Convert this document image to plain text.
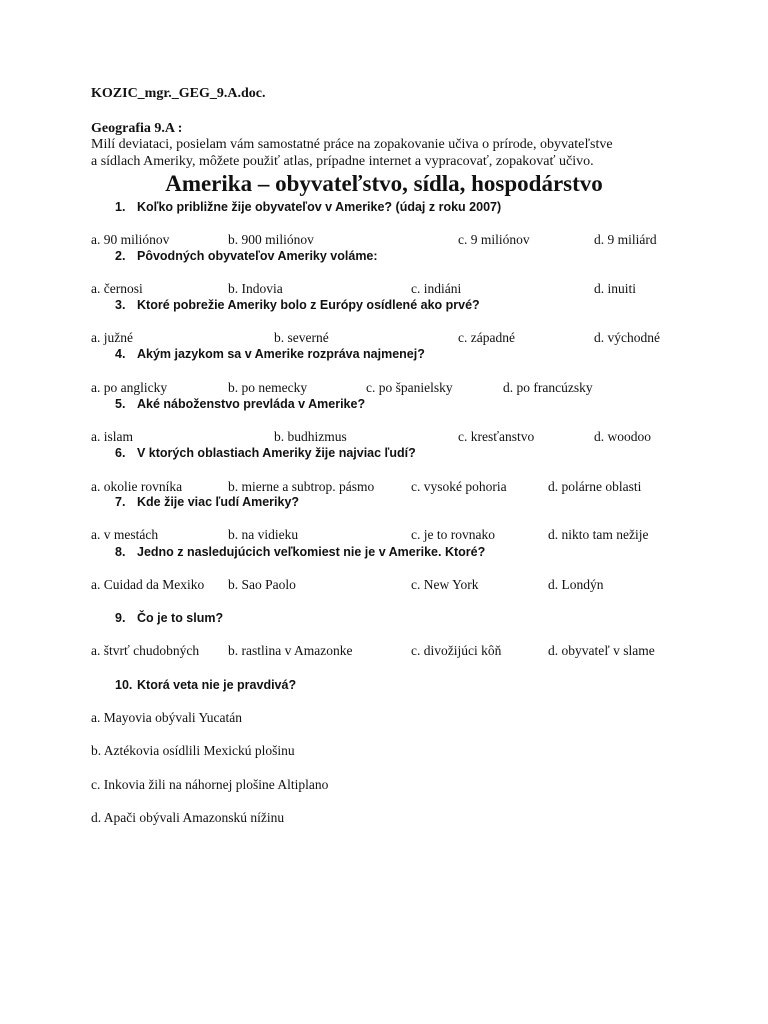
KOZIC_mgr._GEG_9.A.doc.
Geografia 9.A :
Milí deviataci, posielam vám samostatné práce na zopakovanie učiva o prírode, obyvateľstve
a sídlach Ameriky, môžete použiť atlas, prípadne internet a vypracovať, zopakovať učivo.
Amerika – obyvateľstvo, sídla, hospodárstvo
1. Koľko približne žije obyvateľov v Amerike? (údaj z roku 2007)
a. 90 miliónov	b. 900 miliónov	c. 9 miliónov	d. 9 miliárd
2. Pôvodných obyvateľov Ameriky voláme:
a. černosi	b. Indovia	c. indiáni	d. inuiti
3. Ktoré pobrežie Ameriky bolo z Európy osídlené ako prvé?
a. južné	b. severné	c. západné	d. východné
4. Akým jazykom sa v Amerike rozpráva najmenej?
a. po anglicky	b. po nemecky	c. po španielsky	d. po francúzsky
5. Aké náboženstvo prevláda v Amerike?
a. islam	b. budhizmus	c. kresťanstvo	d. woodoo
6. V ktorých oblastiach Ameriky žije najviac ľudí?
a. okolie rovníka	b. mierne a subtrop. pásmo	c. vysoké pohoria	d. polárne oblasti
7. Kde žije viac ľudí Ameriky?
a. v mestách	b. na vidieku	c. je to rovnako	d. nikto tam nežije
8. Jedno z nasledujúcich veľkomiest nie je v Amerike. Ktoré?
a. Cuidad da Mexiko b. Sao Paolo	c. New York	d. Londýn
9. Čo je to slum?
a. štvrť chudobných b. rastlina v Amazonke	c. divožijúci kôň	d. obyvateľ v slame
10. Ktorá veta nie je pravdivá?
a. Mayovia obývali Yucatán
b. Aztékovia osídlili Mexickú plošinu
c. Inkovia žili na náhornej plošine Altiplano
d. Apači obývali Amazonskú nížinu
